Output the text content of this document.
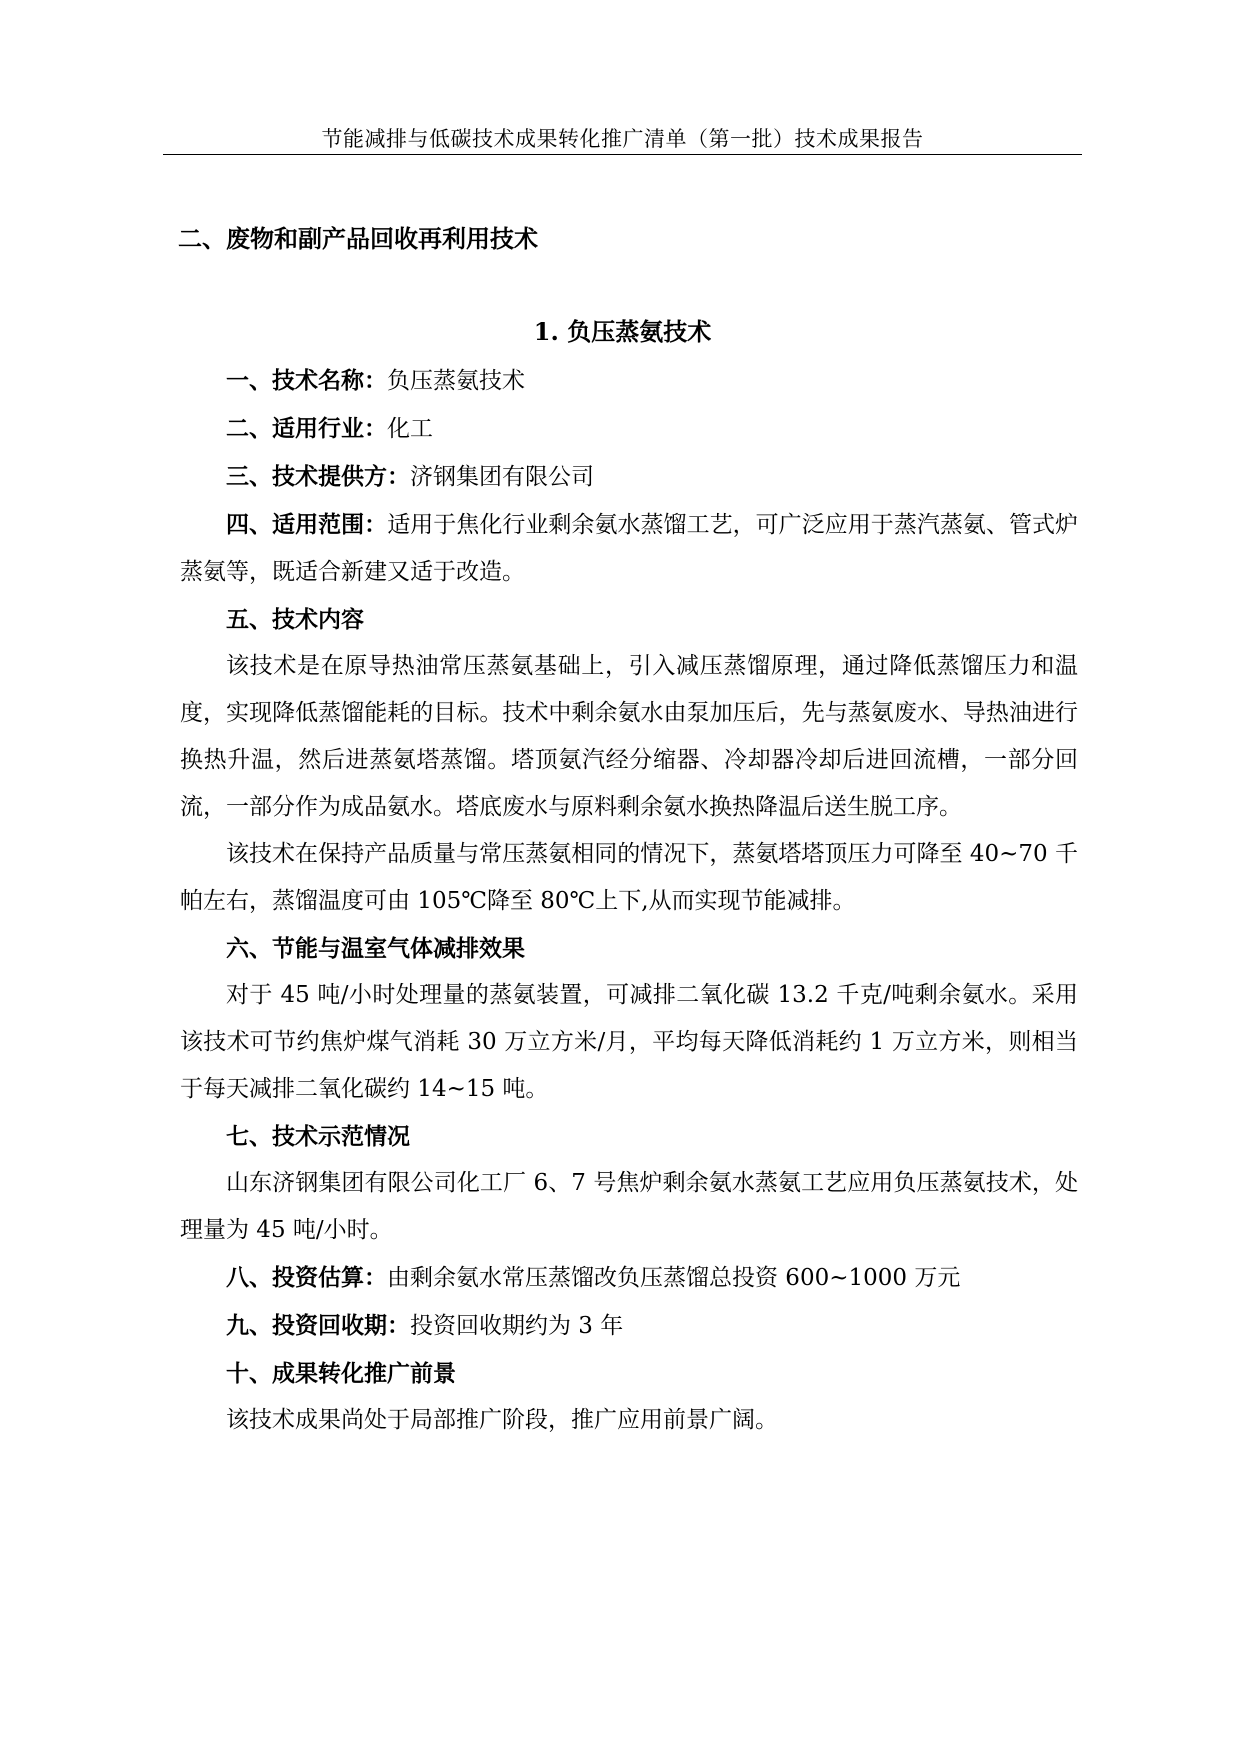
节能减排与低碳技术成果转化推广清单（第一批）技术成果报告
二、废物和副产品回收再利用技术
1. 负压蒸氨技术

一、技术名称：负压蒸氨技术

二、适用行业：化工

三、技术提供方：济钢集团有限公司

四、适用范围：适用于焦化行业剩余氨水蒸馏工艺，可广泛应用于蒸汽蒸氨、管式炉蒸氨等，既适合新建又适于改造。

五、技术内容

该技术是在原导热油常压蒸氨基础上，引入减压蒸馏原理，通过降低蒸馏压力和温度，实现降低蒸馏能耗的目标。技术中剩余氨水由泵加压后，先与蒸氨废水、导热油进行换热升温，然后进蒸氨塔蒸馏。塔顶氨汽经分缩器、冷却器冷却后进回流槽，一部分回流，一部分作为成品氨水。塔底废水与原料剩余氨水换热降温后送生脱工序。

该技术在保持产品质量与常压蒸氨相同的情况下，蒸氨塔塔顶压力可降至 40~70 千帕左右，蒸馏温度可由 105℃降至 80℃上下,从而实现节能减排。

六、节能与温室气体减排效果

对于 45 吨/小时处理量的蒸氨装置，可减排二氧化碳 13.2 千克/吨剩余氨水。采用该技术可节约焦炉煤气消耗 30 万立方米/月，平均每天降低消耗约 1 万立方米，则相当于每天减排二氧化碳约 14~15 吨。

七、技术示范情况

山东济钢集团有限公司化工厂 6、7 号焦炉剩余氨水蒸氨工艺应用负压蒸氨技术，处理量为 45 吨/小时。

八、投资估算：由剩余氨水常压蒸馏改负压蒸馏总投资 600~1000 万元

九、投资回收期：投资回收期约为 3 年

十、成果转化推广前景

该技术成果尚处于局部推广阶段，推广应用前景广阔。
